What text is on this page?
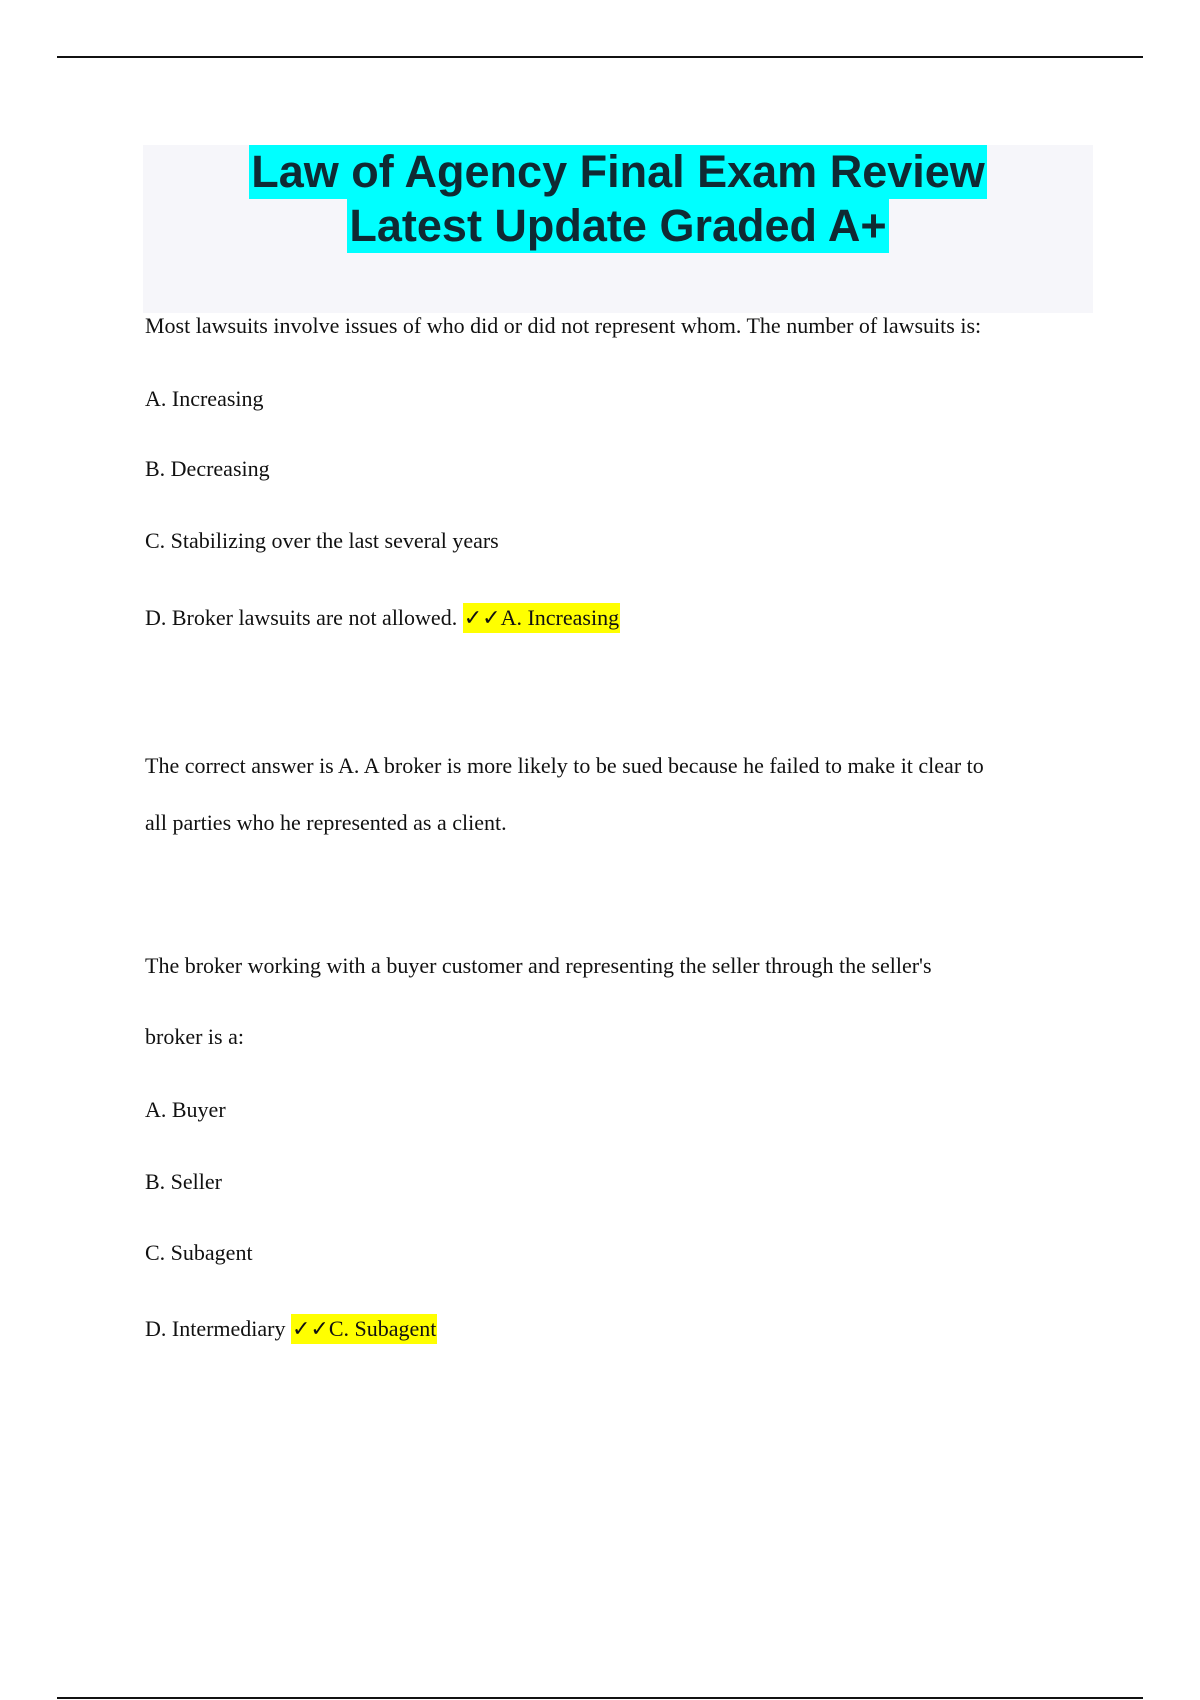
Law of Agency Final Exam Review
Latest Update Graded A+
Most lawsuits involve issues of who did or did not represent whom. The number of lawsuits is:
A. Increasing
B. Decreasing
C. Stabilizing over the last several years
D. Broker lawsuits are not allowed. ✓✓A. Increasing
The correct answer is A. A broker is more likely to be sued because he failed to make it clear to
all parties who he represented as a client.
The broker working with a buyer customer and representing the seller through the seller's
broker is a:
A. Buyer
B. Seller
C. Subagent
D. Intermediary ✓✓C. Subagent
